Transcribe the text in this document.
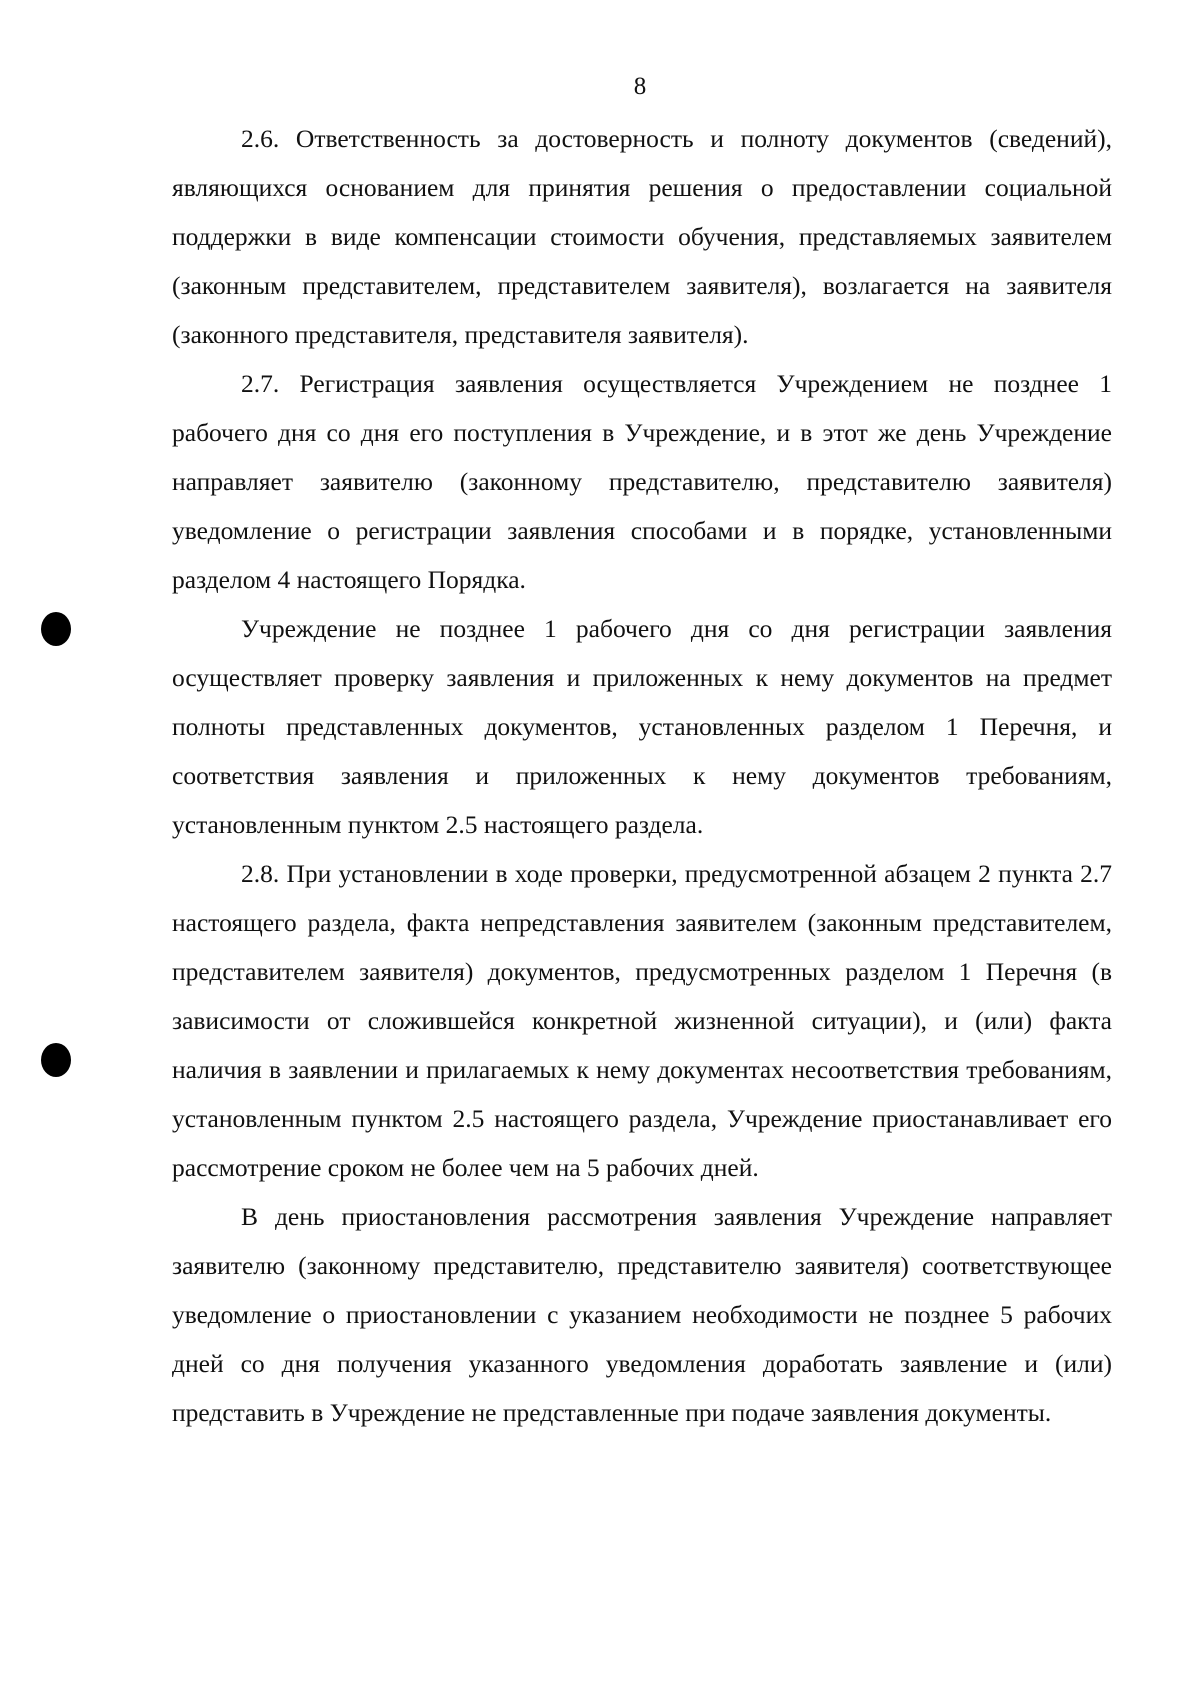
8

2.6. Ответственность за достоверность и полноту документов (сведений), являющихся основанием для принятия решения о предоставлении социальной поддержки в виде компенсации стоимости обучения, представляемых заявителем (законным представителем, представителем заявителя), возлагается на заявителя (законного представителя, представителя заявителя).

2.7. Регистрация заявления осуществляется Учреждением не позднее 1 рабочего дня со дня его поступления в Учреждение, и в этот же день Учреждение направляет заявителю (законному представителю, представителю заявителя) уведомление о регистрации заявления способами и в порядке, установленными разделом 4 настоящего Порядка.

Учреждение не позднее 1 рабочего дня со дня регистрации заявления осуществляет проверку заявления и приложенных к нему документов на предмет полноты представленных документов, установленных разделом 1 Перечня, и соответствия заявления и приложенных к нему документов требованиям, установленным пунктом 2.5 настоящего раздела.

2.8. При установлении в ходе проверки, предусмотренной абзацем 2 пункта 2.7 настоящего раздела, факта непредставления заявителем (законным представителем, представителем заявителя) документов, предусмотренных разделом 1 Перечня (в зависимости от сложившейся конкретной жизненной ситуации), и (или) факта наличия в заявлении и прилагаемых к нему документах несоответствия требованиям, установленным пунктом 2.5 настоящего раздела, Учреждение приостанавливает его рассмотрение сроком не более чем на 5 рабочих дней.

В день приостановления рассмотрения заявления Учреждение направляет заявителю (законному представителю, представителю заявителя) соответствующее уведомление о приостановлении с указанием необходимости не позднее 5 рабочих дней со дня получения указанного уведомления доработать заявление и (или) представить в Учреждение не представленные при подаче заявления документы.
